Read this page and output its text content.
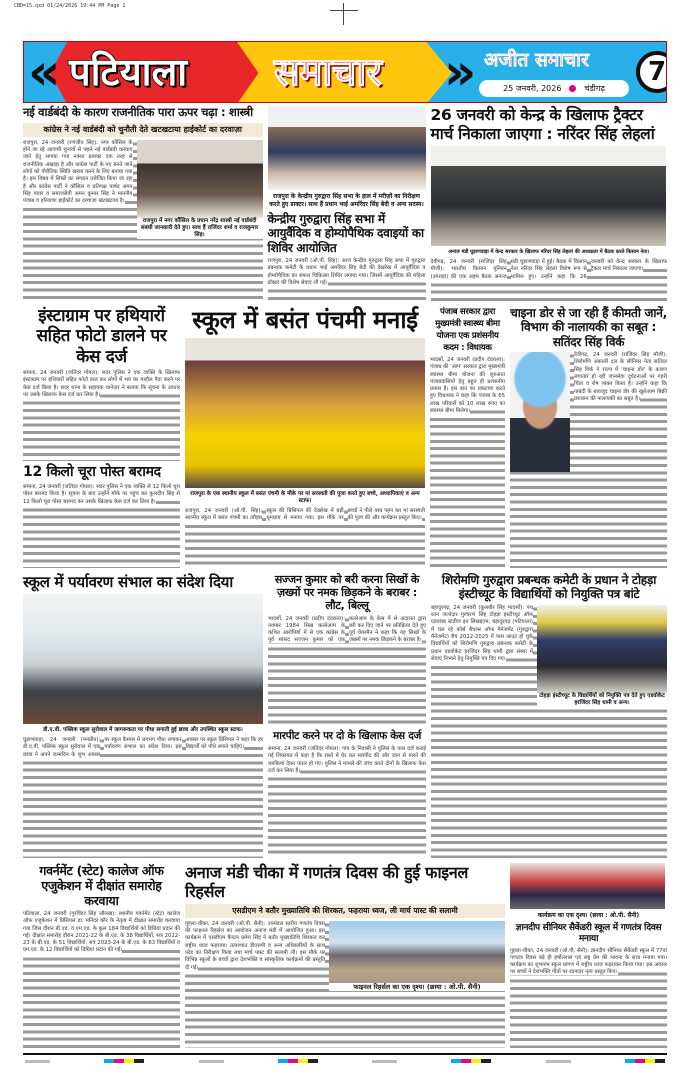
CBD=15.qxd 01/24/2026 19:44 PM Page 1
«	»
पटियाला समाचार	अजीत समाचार
25 जनवरी, 2026	चंडीगढ़
7
नई वार्डबंदी के कारण राजनीतिक पारा ऊपर चढ़ा : शास्त्री
कांग्रेस ने नई वार्डबंदी को चुनौती देते खटखटाया हाईकोर्ट का दरवाज़ा
राजपुरा में नगर कौंसिल के प्रधान नरेंद्र शास्त्री नई वार्डबंदी संबंधी जानकारी देते हुए। साथ हैं राजिंदर शर्मा व राजकुमार सिंह।
राजपुरा, 24 जनवरी (रणजीत सिंह): नगर कौंसिल के होने जा रहे आगामी चुनावों से पहले नई वार्डबंदी करवाए जाने हेतु लगाया गया नक्शा इलाका एक तरह से राजनीतिक अखाड़ा है और कांग्रेस पार्टी के नए बनते जाने लोगों को पौरीतिक स्थिति खराब करने के लिए बनाया गया है। इस विषय में सिखों का संगठन उत्तेजित किया जा रहा है और कांग्रेस पार्टी ने कौंसिल व प्रतिपक्ष पार्षद अमन सिंह पवार व समाजसेवी अमन कुमार सिंह ने माननीय पंजाब व हरियाणा हाईकोर्ट का दरवाज़ा खटखटाया है।
राजपुरा के केन्द्रीय गुरुद्वारा सिंह सभा के हाल में मरीज़ों का निरीक्षण करते हुए डाक्टर। साथ हैं प्रधान भाई अमरिंदर सिंह बेदी व अन्य सदस्य।
केन्द्रीय गुरुद्वारा सिंह सभा में आयुर्वैदिक व होम्योपैथिक दवाइयों का शिविर आयोजित
राजपुरा, 24 जनवरी (ओ.पी. सिंह): आज केन्द्रीय गुरुद्वारा सिंह सभा में गुरुद्वारा प्रबन्धक कमेटी के प्रधान भाई अमरिंदर सिंह बेदी की देखरेख में आयुर्वैदिक व होम्योपैथिक का सफल चिकित्सा शिविर लगाया गया। जिसमें आयुर्वैदिक की महिला डॉक्टर की विशेष सेवाएं ली गईं।
26 जनवरी को केन्द्र के खिलाफ ट्रैक्टर मार्च निकाला जाएगा : नरिंदर सिंह लेहलां
अनाज मंडी घुड़ाणवाड़ा में केन्द्र सरकार के खिलाफ नरिंदर सिंह लेहलां की अध्यक्षता में बैठक करते किसान नेता।
देवीगढ़, 24 जनवरी (राजिंदर सिंह मौजी): भारतीय किसान यूनियन (उगराहां) की एक अहम बैठक अनाज मंडी घुड़ाणवाड़ा में हुई। बैठक में किसान नेता नरिंदर सिंह लेहलां विशेष रूप से शामिल हुए। उन्होंने कहा कि 26 जनवरी को केन्द्र सरकार के खिलाफ ट्रैक्टर मार्च निकाला जाएगा।
इंस्टाग्राम पर हथियारों सहित फोटो डालने पर केस दर्ज
समाना, 24 जनवरी (जतिंदर गोयल): सदर पुलिस ने एक व्यक्ति के खिलाफ इंस्टाग्राम पर हथियारों सहित फोटो डाल कर लोगों में भय का माहौल पैदा करने पर केस दर्ज किया है। सदर थाना के सहायक थानेदार ने बताया कि सूचना के आधार पर उसके खिलाफ केस दर्ज कर लिया है।
12 किलो चूरा पोस्त बरामद
समाना, 24 जनवरी (जतिंदर गोयल): सदर पुलिस ने एक व्यक्ति से 12 किलो चूरा पोस्त बरामद किया है। सूचना के बाद उन्होंने मौके पर पहुंच कर कुलदीप सिंह से 12 किलो चूरा पोस्त बरामद कर उसके खिलाफ केस दर्ज कर लिया है।
स्कूल में बसंत पंचमी मनाई
राजपुरा के एक स्थानीय स्कूल में बसंत पंचमी के मौके पर मां सरस्वती की पूजा करते हुए बच्चे, अध्यापिकाएं व अन्य स्टाफ।
राजपुरा, 24 जनवरी (ओ.पी. सिंह): स्थानीय स्कूल में बसंत पंचमी का त्यौहार स्कूल की प्रिंसिपल की देखरेख में बड़ी धूमधाम से मनाया गया। इस मौके पर बच्चों ने पीले वस्त्र पहन कर मां सरस्वती की पूजा की और कार्यक्रम प्रस्तुत किए।
पंजाब सरकार द्वारा मुख्यमंत्री स्वास्थ्य बीमा योजना एक प्रशंसनीय कदम : विधायक
भादसों, 24 जनवरी (प्रदीप दंदराला): पंजाब की 'आप' सरकार द्वारा मुख्यमंत्री स्वास्थ्य बीमा योजना की शुरुआत पंजाबवासियों हेतु बहुत ही प्रशंसनीय प्रयास है। इस बात का प्रकटावा करते हुए विधायक ने कहा कि पंजाब के 65 लाख परिवारों को 10 लाख रुपए का स्वास्थ्य बीमा मिलेगा।
चाइना डोर से जा रही हैं कीमती जानें, विभाग की नालायकी का सबूत : सतिंदर सिंह विर्क
देवीगढ़, 24 जनवरी (राजिंदर सिंह मौजी): शिरोमणि अकाली दल के सीनियर नेता सतिंदर सिंह विर्क ने राज्य में 'चाइना डोर' के कारण लगातार हो रही जानलेवा दुर्घटनाओं पर गहरी चिंता व रोष व्यक्त किया है। उन्होंने कहा कि पाबंदी के बावजूद चाइना डोर की खुलेआम बिक्री प्रशासन की नालायकी का सबूत है।
स्कूल में पर्यावरण संभाल का संदेश दिया
डी.ए.वी. पब्लिक स्कूल सुरोवाल में जागरूकता पर पौधा लगाती हुई छात्रा और उपस्थित स्कूल स्टाफ।
घुड़ाणवाड़ा, 24 जनवरी (मनप्रीत): डी.ए.वी. पब्लिक स्कूल सुरोवाल में एक छात्रा ने अपने जन्मदिन के शुभ अवसर पर स्कूल कैम्पस में लगभग पौधा लगाकर पर्यावरण संभाल का संदेश दिया। इस अवसर पर स्कूल प्रिंसिपल ने कहा कि हर विद्यार्थी को पौधे लगाने चाहिएं।
सज्जन कुमार को बरी करना सिखों के ज़ख्मों पर नमक छिड़कने के बराबर : लौट, बिल्लू
भादसों, 24 जनवरी (प्रदीप दंदराला): नवम्बर 1984 सिख कत्लेआम के कथित आरोपियों में से एक कांग्रेस के पूर्व सांसद सज्जन कुमार को एक कत्लेआम के केस में से अदालत द्वारा बरी कर दिए जाने पर प्रतिक्रिया देते हुए पूर्व चेयरमैन ने कहा कि यह सिखों के ज़ख्मों पर नमक छिड़कने के बराबर है।
मारपीट करने पर दो के खिलाफ केस दर्ज
समाना, 24 जनवरी (जतिंदर गोयल): गांव के निवासी ने पुलिस के पास दर्ज कराई गई शिकायत में कहा है कि रास्ते में घेर कर मारपीट की और जान से मारने की धमकियां देकर फरार हो गए। पुलिस ने मामले की जांच करते दोनों के खिलाफ केस दर्ज कर लिया है।
शिरोमणि गुरुद्वारा प्रबन्धक कमेटी के प्रधान ने टोहड़ा इंस्टीच्यूट के विद्यार्थियों को नियुक्ति पत्र बांटे
टोहड़ा इंस्टीच्यूट के विद्यार्थियों को नियुक्ति पत्र देते हुए एडवोकेट हरजिंदर सिंह धामी व अन्य।
बहादुरगढ़, 24 जनवरी (कुलबीर सिंह भादसों): पंथ रतन जत्थेदार गुरचरण सिंह टोहड़ा इंस्टीच्यूट ऑफ एडवांस्ड स्टडीज इन सिखइज़्म, बहादुरगढ़ (पटियाला) में चल रहे कोर्स बैचलर ऑफ मैनेजमेंट (गुरुद्वारा मैनेजमेंट) बैच 2022-2025 में पास आउट हो चुके विद्यार्थियों को शिरोमणि गुरुद्वारा प्रबन्धक कमेटी के प्रधान एडवोकेट हरजिंदर सिंह धामी द्वारा संस्था में सेवाएं निभाने हेतु नियुक्ति पत्र दिए गए।
गवर्नमेंट (स्टेट) कालेज ऑफ एजुकेशन में दीक्षांत समारोह करवाया
पटियाला, 24 जनवरी (गुरविंदर सिंह औलख): स्थानीय गवर्नमेंट (स्टेट) कालेज ऑफ एजुकेशन में प्रिंसिपल डा. मनिंदर कौर के नेतृत्व में दीक्षांत समारोह करवाया गया जिस दौरान बी.एड. व एम.एड. के कुल 184 विद्यार्थियों को डिग्रियां प्रदान की गईं। दीक्षांत समारोह दौरान 2021-22 के बी.एड. के 38 विद्यार्थियों, सत्र 2022-23 के बी.एड. के 51 विद्यार्थियों, सत्र 2023-24 के बी.एड. के 83 विद्यार्थियों व एम.एड. के 12 विद्यार्थियों को डिग्रियां प्रदान की गईं।
अनाज मंडी चीका में गणतंत्र दिवस की हुई फाइनल रिहर्सल
एसडीएम ने बतौर मुख्यातिथि की शिरकत, फहराया ध्वज, ली मार्च पास्ट की सलामी
फाइनल रिहर्सल का एक दृश्य। (छाया : ओ.पी. सैनी)
गुहला-चीका, 24 जनवरी (ओ.पी. सैनी): उपमंडल स्तरीय गणतंत्र दिवस की फाइनल रिहर्सल का आयोजन अनाज मंडी में आयोजित हुआ। इस कार्यक्रम में एसडीएम कैप्टन प्रमेश सिंह ने बतौर मुख्यातिथि शिरकत कर राष्ट्रीय ध्वज फहराया। तत्पश्चात डीएसपी व अन्य अधिकारियों के साथ परेड का निरीक्षण किया तथा मार्च पास्ट की सलामी ली। इस मौके पर विभिन्न स्कूलों के बच्चों द्वारा देशभक्ति व सांस्कृतिक कार्यक्रमों की प्रस्तुति दी गई।
कार्यक्रम का एक दृश्य। (छाया : ओ.पी. सैनी)
ज्ञानदीप सीनियर सैकेंडरी स्कूल में गणतंत्र दिवस मनाया
गुहला-चीका, 24 जनवरी (ओ.पी. सैनी): ज्ञानदीप सीनियर सैकेंडरी स्कूल में 77वां गणतंत्र दिवस बड़े ही हर्षोल्लास एवं राष्ट्र प्रेम की भावना के साथ मनाया गया। कार्यक्रम का शुभारंभ स्कूल प्रांगण में राष्ट्रीय ध्वज फहराकर किया गया। इस अवसर पर बच्चों ने देशभक्ति गीतों पर शानदार नृत्य प्रस्तुत किए।
